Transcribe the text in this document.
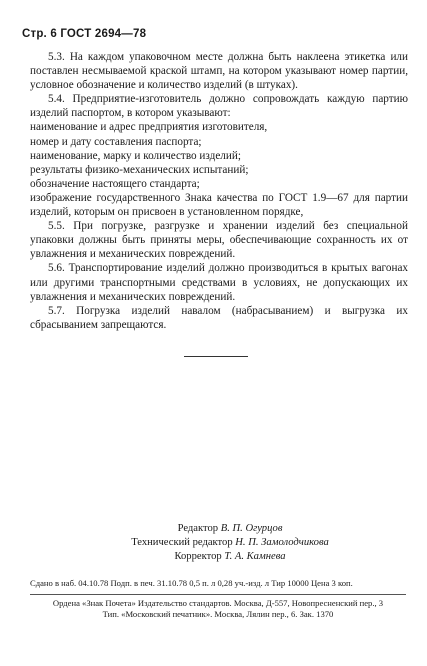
Стр. 6 ГОСТ 2694—78

5.3. На каждом упаковочном месте должна быть наклеена этикетка или поставлен несмываемой краской штамп, на котором указывают номер партии, условное обозначение и количество изделий (в штуках).

5.4. Предприятие-изготовитель должно сопровождать каждую партию изделий паспортом, в котором указывают:

наименование и адрес предприятия изготовителя,

номер и дату составления паспорта;

наименование, марку и количество изделий;

результаты физико-механических испытаний;

обозначение настоящего стандарта;

изображение государственного Знака качества по ГОСТ 1.9—67 для партии изделий, которым он присвоен в установленном порядке,

5.5. При погрузке, разгрузке и хранении изделий без специальной упаковки должны быть приняты меры, обеспечивающие сохранность их от увлажнения и механических повреждений.

5.6. Транспортирование изделий должно производиться в крытых вагонах или другими транспортными средствами в условиях, не допускающих их увлажнения и механических повреждений.

5.7. Погрузка изделий навалом (набрасыванием) и выгрузка их сбрасыванием запрещаются.

Редактор В. П. Огурцов
Технический редактор Н. П. Замолодчикова
Корректор Т. А. Камнева
Сдано в наб. 04.10.78 Подп. в печ. 31.10.78 0,5 п. л 0,28 уч.-изд. л Тир 10000 Цена 3 коп.
Ордена «Знак Почета» Издательство стандартов. Москва, Д-557, Новопресненский пер., 3
Тип. «Московский печатник». Москва, Лялин пер., 6. Зак. 1370
